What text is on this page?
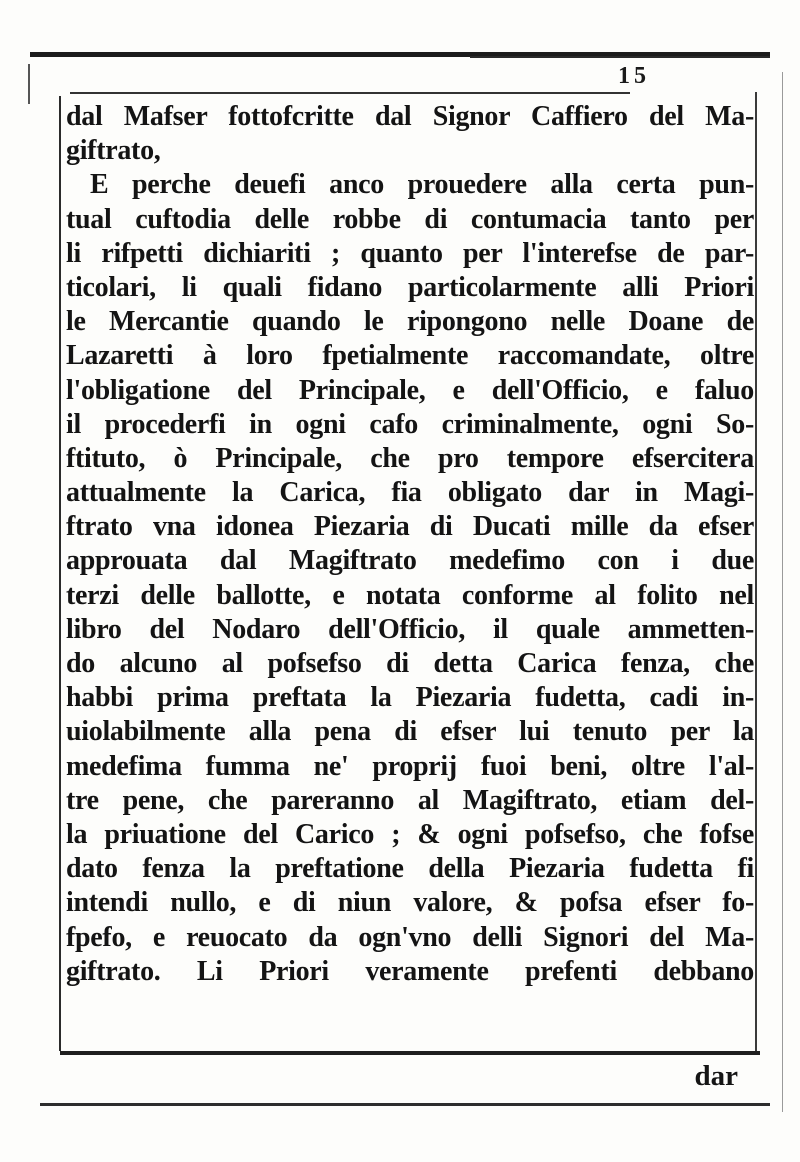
15
dal Mafser fottofcritte dal Signor Caffiero del Ma-
giftrato,
E perche deuefi anco prouedere alla certa pun-
tual cuftodia delle robbe di contumacia tanto per
li rifpetti dichiariti ; quanto per l'interefse de par-
ticolari, li quali fidano particolarmente alli Priori
le Mercantie quando le ripongono nelle Doane de
Lazaretti à loro fpetialmente raccomandate, oltre
l'obligatione del Principale, e dell'Officio, e faluo
il procederfi in ogni cafo criminalmente, ogni So-
ftituto, ò Principale, che pro tempore efsercitera
attualmente la Carica, fia obligato dar in Magi-
ftrato vna idonea Piezaria di Ducati mille da efser
approuata dal Magiftrato medefimo con i due
terzi delle ballotte, e notata conforme al folito nel
libro del Nodaro dell'Officio, il quale ammetten-
do alcuno al pofsefso di detta Carica fenza, che
habbi prima preftata la Piezaria fudetta, cadi in-
uiolabilmente alla pena di efser lui tenuto per la
medefima fumma ne' proprij fuoi beni, oltre l'al-
tre pene, che pareranno al Magiftrato, etiam del-
la priuatione del Carico ; & ogni pofsefso, che fofse
dato fenza la preftatione della Piezaria fudetta fi
intendi nullo, e di niun valore, & pofsa efser fo-
fpefo, e reuocato da ogn'vno delli Signori del Ma-
giftrato. Li Priori veramente prefenti debbano
dar
